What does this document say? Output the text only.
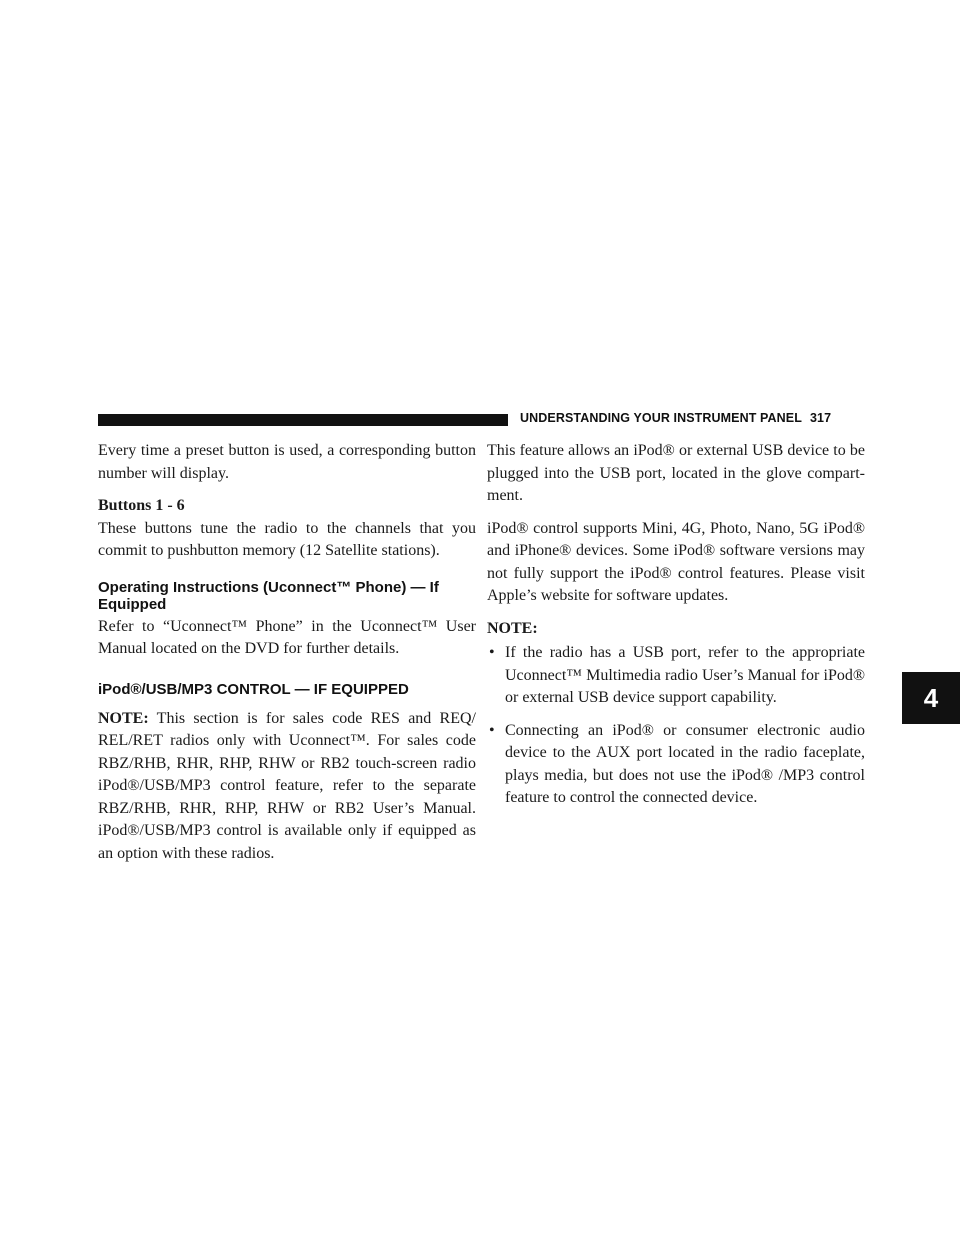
UNDERSTANDING YOUR INSTRUMENT PANEL 317

Every time a preset button is used, a corresponding button number will display.

Buttons 1 - 6

These buttons tune the radio to the channels that you commit to pushbutton memory (12 Satellite stations).

Operating Instructions (Uconnect™ Phone) — If Equipped

Refer to “Uconnect™ Phone” in the Uconnect™ User Manual located on the DVD for further details.

iPod®/USB/MP3 CONTROL — IF EQUIPPED

NOTE: This section is for sales code RES and REQ/ REL/RET radios only with Uconnect™. For sales code RBZ/RHB, RHR, RHP, RHW or RB2 touch-screen radio iPod®/USB/MP3 control feature, refer to the separate RBZ/RHB, RHR, RHP, RHW or RB2 User’s Manual. iPod®/USB/MP3 control is available only if equipped as an option with these radios.

This feature allows an iPod® or external USB device to be plugged into the USB port, located in the glove compart- ment.

iPod® control supports Mini, 4G, Photo, Nano, 5G iPod® and iPhone® devices. Some iPod® software versions may not fully support the iPod® control features. Please visit Apple’s website for software updates.

NOTE:
• If the radio has a USB port, refer to the appropriate Uconnect™ Multimedia radio User’s Manual for iPod® or external USB device support capability.
• Connecting an iPod® or consumer electronic audio device to the AUX port located in the radio faceplate, plays media, but does not use the iPod® /MP3 control feature to control the connected device.
4
